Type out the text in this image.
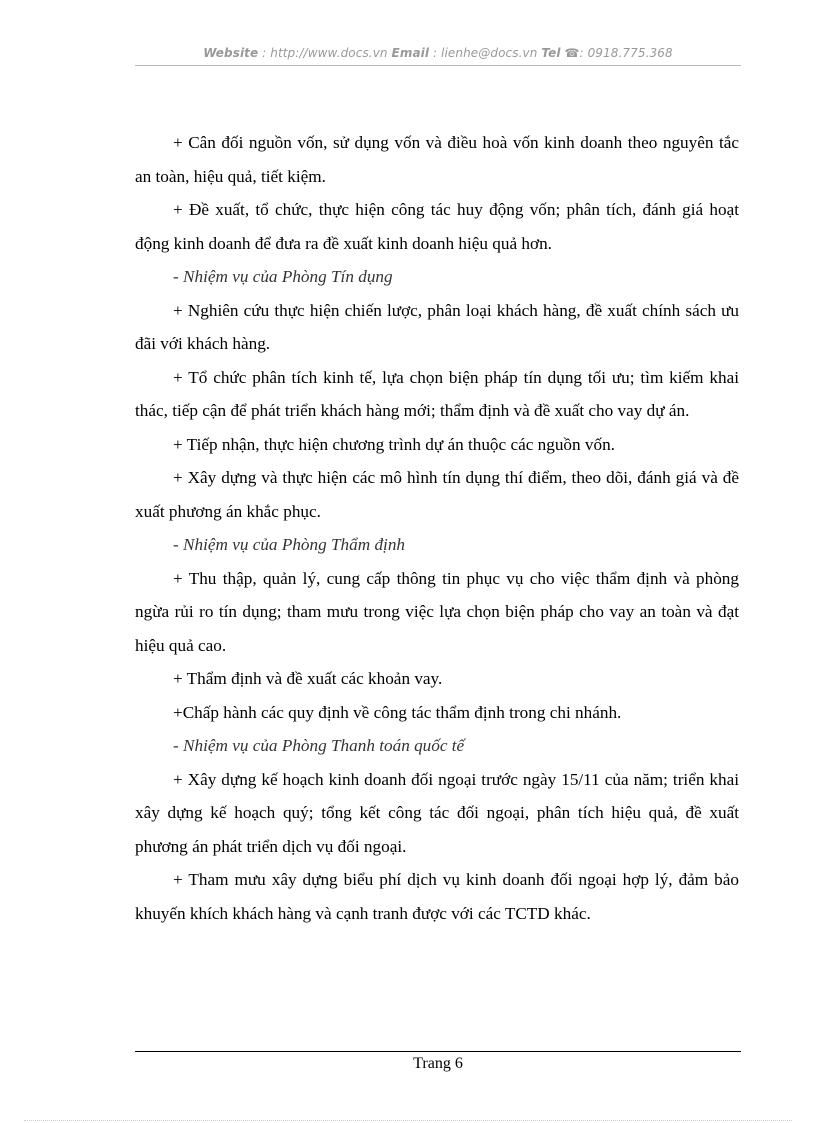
Website : http://www.docs.vn Email : lienhe@docs.vn Tel ☎: 0918.775.368

+ Cân đối nguồn vốn, sử dụng vốn và điều hoà vốn kinh doanh theo nguyên tắc an toàn, hiệu quả, tiết kiệm.

+ Đề xuất, tổ chức, thực hiện công tác huy động vốn; phân tích, đánh giá hoạt động kinh doanh để đưa ra đề xuất kinh doanh hiệu quả hơn.

- Nhiệm vụ của Phòng Tín dụng

+ Nghiên cứu thực hiện chiến lược, phân loại khách hàng, đề xuất chính sách ưu đãi với khách hàng.

+ Tổ chức phân tích kinh tế, lựa chọn biện pháp tín dụng tối ưu; tìm kiếm khai thác, tiếp cận để phát triển khách hàng mới; thẩm định và đề xuất cho vay dự án.

+ Tiếp nhận, thực hiện chương trình dự án thuộc các nguồn vốn.

+ Xây dựng và thực hiện các mô hình tín dụng thí điểm, theo dõi, đánh giá và đề xuất phương án khắc phục.

- Nhiệm vụ của Phòng Thẩm định

+ Thu thập, quản lý, cung cấp thông tin phục vụ cho việc thẩm định và phòng ngừa rủi ro tín dụng; tham mưu trong việc lựa chọn biện pháp cho vay an toàn và đạt hiệu quả cao.

+ Thẩm định và đề xuất các khoản vay.

+Chấp hành các quy định về công tác thẩm định trong chi nhánh.

- Nhiệm vụ của Phòng Thanh toán quốc tế

+ Xây dựng kế hoạch kinh doanh đối ngoại trước ngày 15/11 của năm; triển khai xây dựng kế hoạch quý; tổng kết công tác đối ngoại, phân tích hiệu quả, đề xuất phương án phát triển dịch vụ đối ngoại.

+ Tham mưu xây dựng biểu phí dịch vụ kinh doanh đối ngoại hợp lý, đảm bảo khuyến khích khách hàng và cạnh tranh được với các TCTD khác.

Trang 6
